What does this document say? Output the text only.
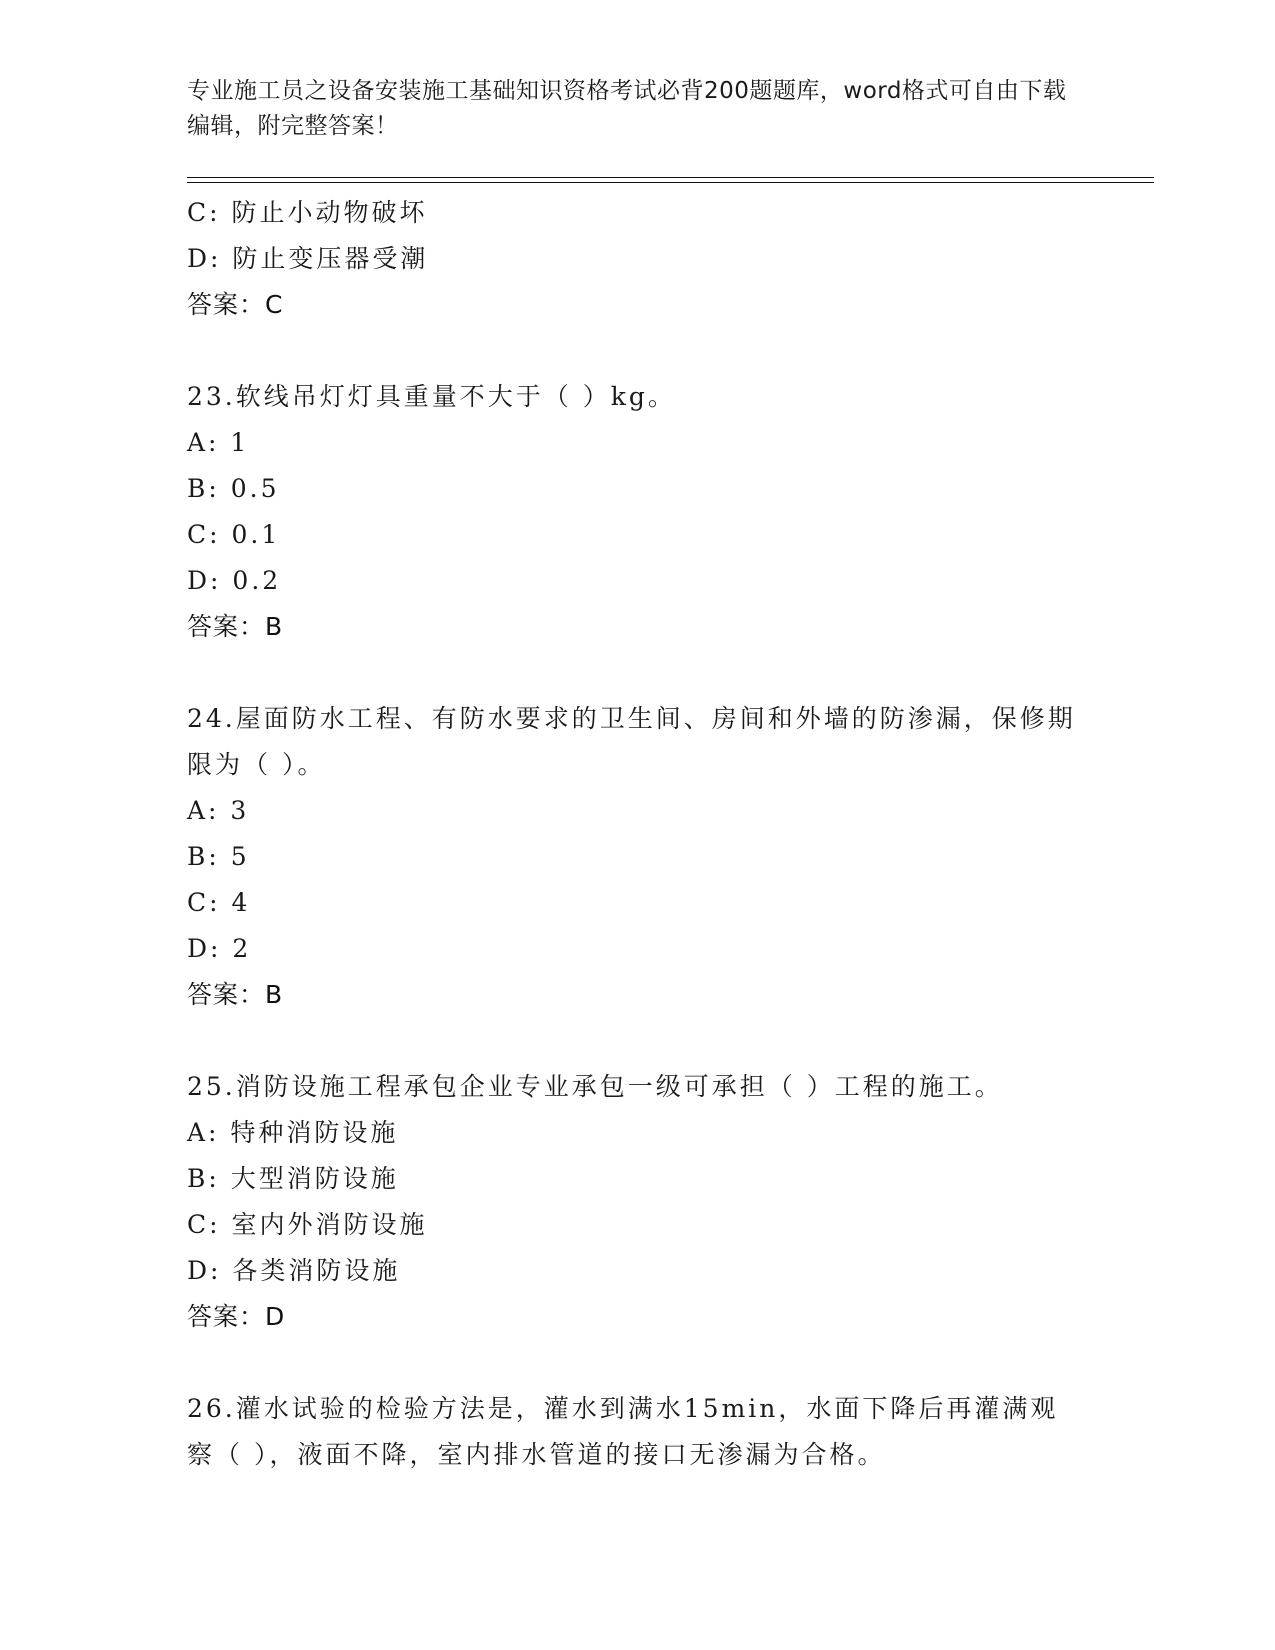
专业施工员之设备安装施工基础知识资格考试必背200题题库，word格式可自由下载编辑，附完整答案！
C: 防止小动物破坏
D: 防止变压器受潮
答案：C
23.软线吊灯灯具重量不大于（ ）kg。
A: 1
B: 0.5
C: 0.1
D: 0.2
答案：B
24.屋面防水工程、有防水要求的卫生间、房间和外墙的防渗漏，保修期限为（ ）。
A: 3
B: 5
C: 4
D: 2
答案：B
25.消防设施工程承包企业专业承包一级可承担（ ）工程的施工。
A: 特种消防设施
B: 大型消防设施
C: 室内外消防设施
D: 各类消防设施
答案：D
26.灌水试验的检验方法是，灌水到满水15min，水面下降后再灌满观察（ ），液面不降，室内排水管道的接口无渗漏为合格。
